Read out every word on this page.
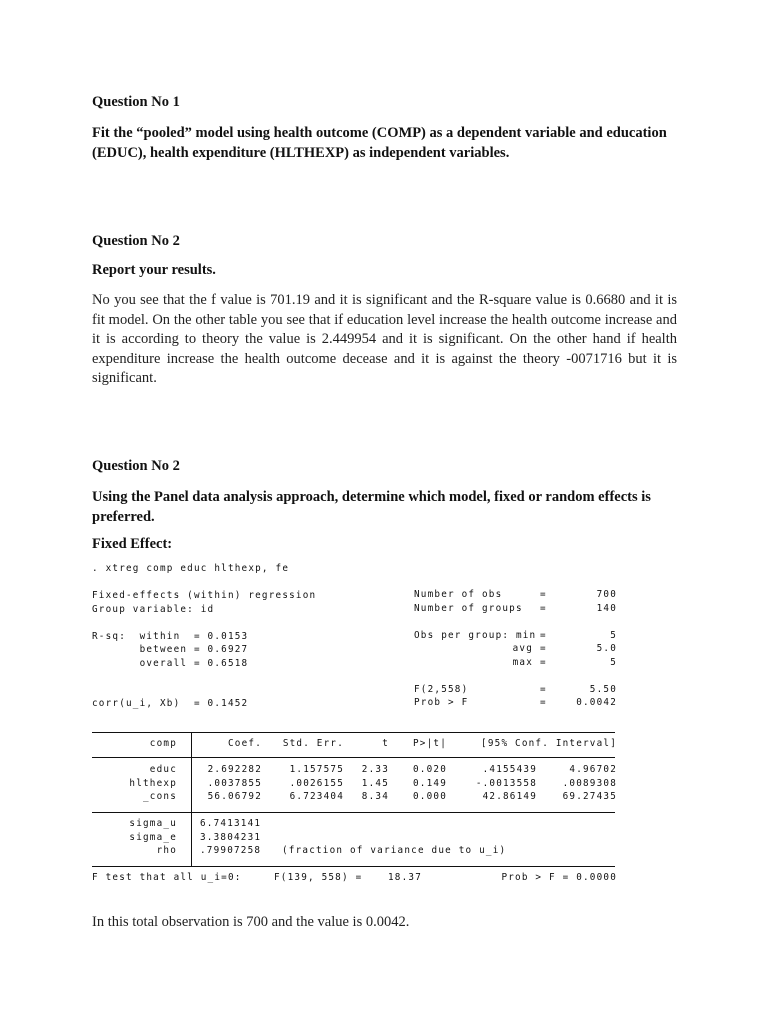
Question No 1

Fit the “pooled” model using health outcome (COMP) as a dependent variable and education (EDUC), health expenditure (HLTHEXP) as independent variables.

Question No 2
Report your results.

No you see that the f value is 701.19 and it is significant and the R-square value is 0.6680 and it is fit model. On the other table you see that if education level increase the health outcome increase and it is according to theory the value is 2.449954 and it is significant. On the other hand if health expenditure increase the health outcome decease and it is against the theory -0071716 but it is significant.

Question No 2

Using the Panel data analysis approach, determine which model, fixed or random effects is preferred.

Fixed Effect:
. xtreg comp educ hlthexp, fe
Fixed-effects (within) regression
Group variable: id
R-sq:  within  = 0.0153
between = 0.6927
overall = 0.6518
corr(u_i, Xb)  = 0.1452
Number of obs	=	700
Number of groups =	140
Obs per group: min =	5
avg =	5.0
max =	5
F(2,558)	=	5.50
Prob > F	=	0.0042
comp	Coef. Std. Err.	t	P>|t|	[95% Conf. Interval]
educ	2.692282	1.157575 2.33	0.020	.4155439	4.96702
hlthexp	.0037855	.0026155 1.45	0.149	-.0013558	.0089308
_cons	56.06792	6.723404 8.34	0.000	42.86149	69.27435
sigma_u 6.7413141
sigma_e 3.3804231
rho .79907258 (fraction of variance due to u_i)
F test that all u_i=0:	F(139, 558) =	18.37	Prob > F = 0.0000

In this total observation is 700 and the value is 0.0042.
